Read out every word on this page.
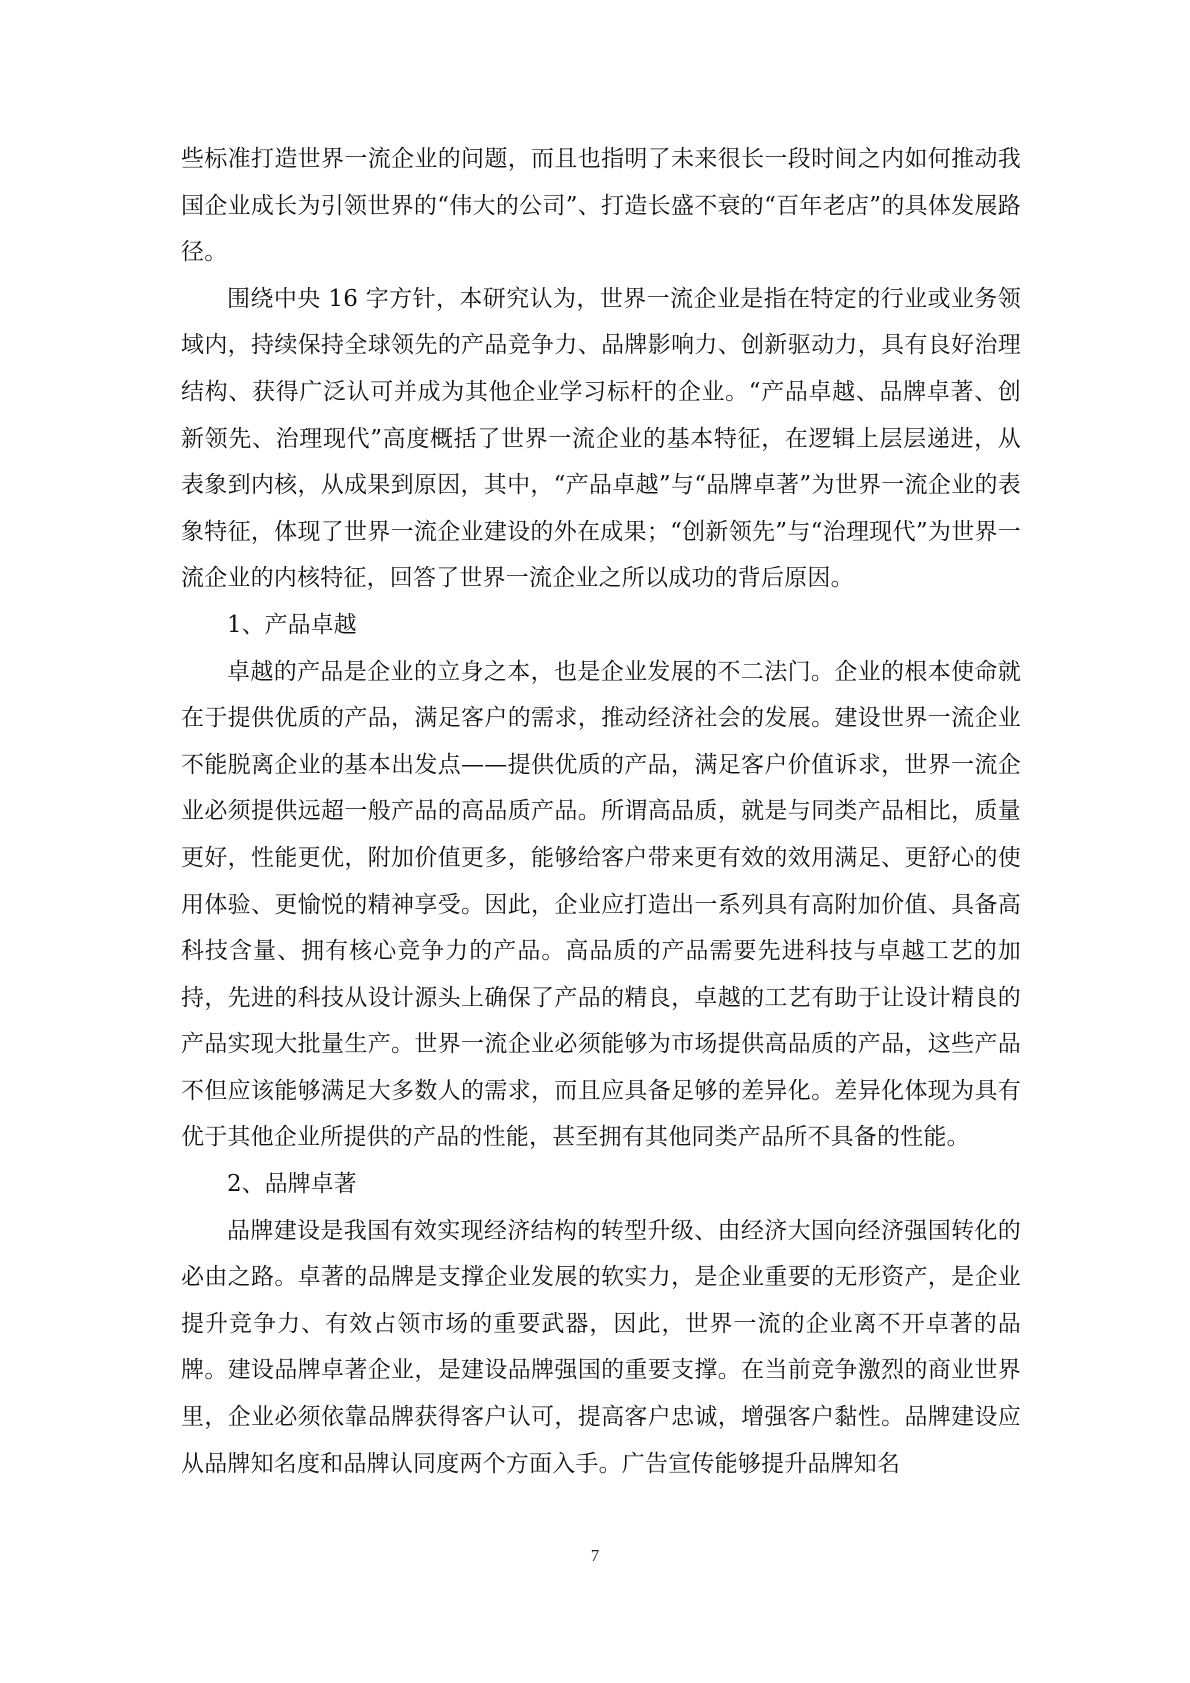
些标准打造世界一流企业的问题，而且也指明了未来很长一段时间之内如何推动我国企业成长为引领世界的“伟大的公司”、打造长盛不衰的“百年老店”的具体发展路径。

围绕中央 16 字方针，本研究认为，世界一流企业是指在特定的行业或业务领域内，持续保持全球领先的产品竞争力、品牌影响力、创新驱动力，具有良好治理结构、获得广泛认可并成为其他企业学习标杆的企业。“产品卓越、品牌卓著、创新领先、治理现代”高度概括了世界一流企业的基本特征，在逻辑上层层递进，从表象到内核，从成果到原因，其中，“产品卓越”与“品牌卓著”为世界一流企业的表象特征，体现了世界一流企业建设的外在成果；“创新领先”与“治理现代”为世界一流企业的内核特征，回答了世界一流企业之所以成功的背后原因。

1、产品卓越

卓越的产品是企业的立身之本，也是企业发展的不二法门。企业的根本使命就在于提供优质的产品，满足客户的需求，推动经济社会的发展。建设世界一流企业不能脱离企业的基本出发点——提供优质的产品，满足客户价值诉求，世界一流企业必须提供远超一般产品的高品质产品。所谓高品质，就是与同类产品相比，质量更好，性能更优，附加价值更多，能够给客户带来更有效的效用满足、更舒心的使用体验、更愉悦的精神享受。因此，企业应打造出一系列具有高附加价值、具备高科技含量、拥有核心竞争力的产品。高品质的产品需要先进科技与卓越工艺的加持，先进的科技从设计源头上确保了产品的精良，卓越的工艺有助于让设计精良的产品实现大批量生产。世界一流企业必须能够为市场提供高品质的产品，这些产品不但应该能够满足大多数人的需求，而且应具备足够的差异化。差异化体现为具有优于其他企业所提供的产品的性能，甚至拥有其他同类产品所不具备的性能。

2、品牌卓著

品牌建设是我国有效实现经济结构的转型升级、由经济大国向经济强国转化的必由之路。卓著的品牌是支撑企业发展的软实力，是企业重要的无形资产，是企业提升竞争力、有效占领市场的重要武器，因此，世界一流的企业离不开卓著的品牌。建设品牌卓著企业，是建设品牌强国的重要支撑。在当前竞争激烈的商业世界里，企业必须依靠品牌获得客户认可，提高客户忠诚，增强客户黏性。品牌建设应从品牌知名度和品牌认同度两个方面入手。广告宣传能够提升品牌知名

7
